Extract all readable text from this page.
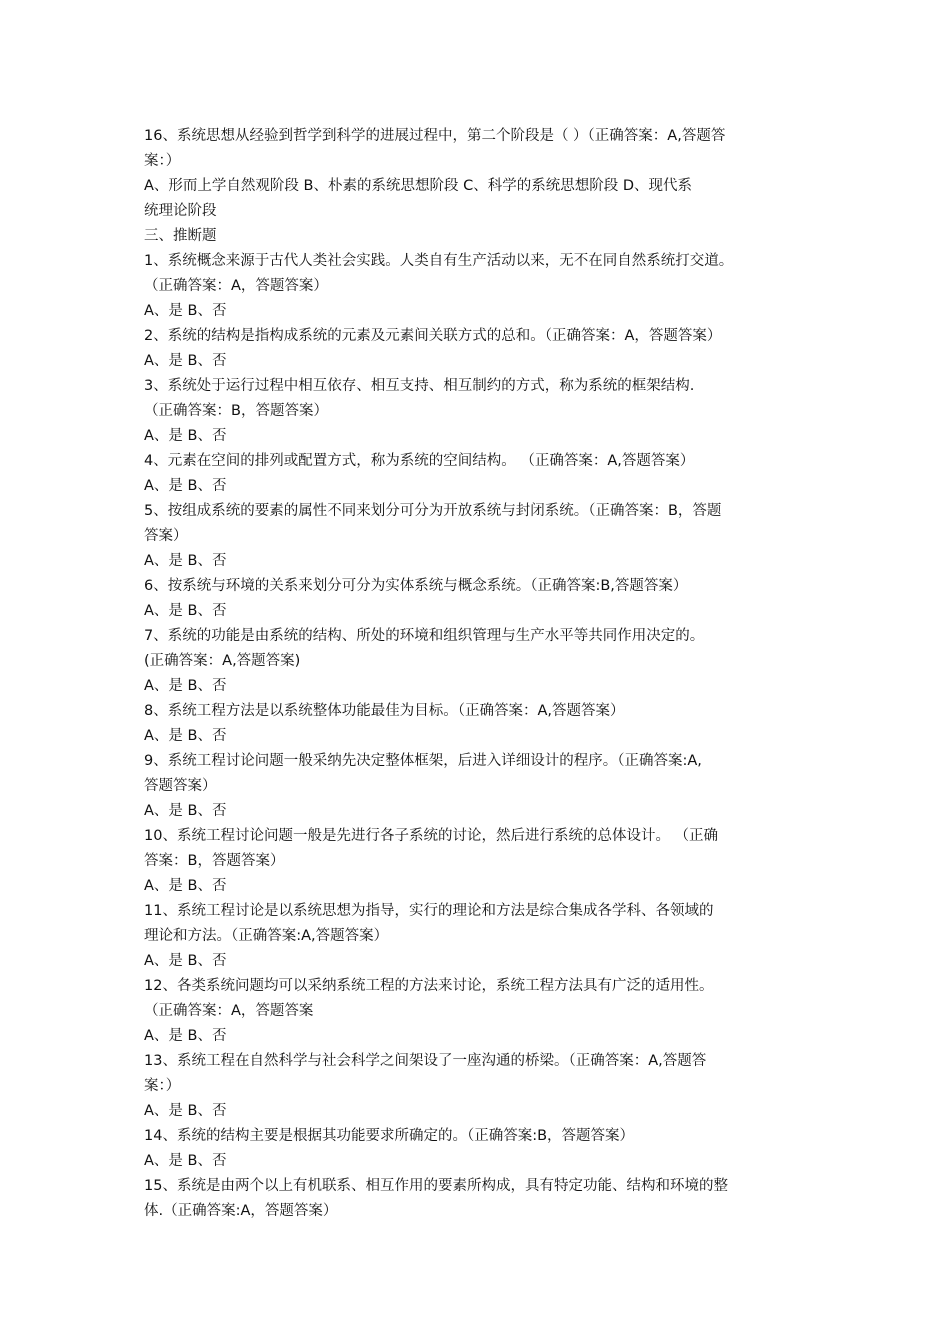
16、系统思想从经验到哲学到科学的进展过程中，第二个阶段是（ ）（正确答案：A,答题答
案：）
A、形而上学自然观阶段 B、朴素的系统思想阶段 C、科学的系统思想阶段 D、现代系
统理论阶段
三、推断题
1、系统概念来源于古代人类社会实践。人类自有生产活动以来，无不在同自然系统打交道。
（正确答案：A，答题答案）
A、是 B、否
2、系统的结构是指构成系统的元素及元素间关联方式的总和。（正确答案：A，答题答案）
A、是 B、否
3、系统处于运行过程中相互依存、相互支持、相互制约的方式，称为系统的框架结构.
（正确答案：B，答题答案）
A、是 B、否
4、元素在空间的排列或配置方式，称为系统的空间结构。 （正确答案：A,答题答案）
A、是 B、否
5、按组成系统的要素的属性不同来划分可分为开放系统与封闭系统。（正确答案：B，答题
答案）
A、是 B、否
6、按系统与环境的关系来划分可分为实体系统与概念系统。（正确答案:B,答题答案）
A、是 B、否
7、系统的功能是由系统的结构、所处的环境和组织管理与生产水平等共同作用决定的。
(正确答案：A,答题答案)
A、是 B、否
8、系统工程方法是以系统整体功能最佳为目标。（正确答案：A,答题答案）
A、是 B、否
9、系统工程讨论问题一般采纳先决定整体框架，后进入详细设计的程序。（正确答案:A,
答题答案）
A、是 B、否
10、系统工程讨论问题一般是先进行各子系统的讨论，然后进行系统的总体设计。 （正确
答案：B，答题答案）
A、是 B、否
11、系统工程讨论是以系统思想为指导，实行的理论和方法是综合集成各学科、各领域的
理论和方法。（正确答案:A,答题答案）
A、是 B、否
12、各类系统问题均可以采纳系统工程的方法来讨论，系统工程方法具有广泛的适用性。
（正确答案：A，答题答案
A、是 B、否
13、系统工程在自然科学与社会科学之间架设了一座沟通的桥梁。（正确答案：A,答题答
案：）
A、是 B、否
14、系统的结构主要是根据其功能要求所确定的。（正确答案:B，答题答案）
A、是 B、否
15、系统是由两个以上有机联系、相互作用的要素所构成，具有特定功能、结构和环境的整
体.（正确答案:A，答题答案）
